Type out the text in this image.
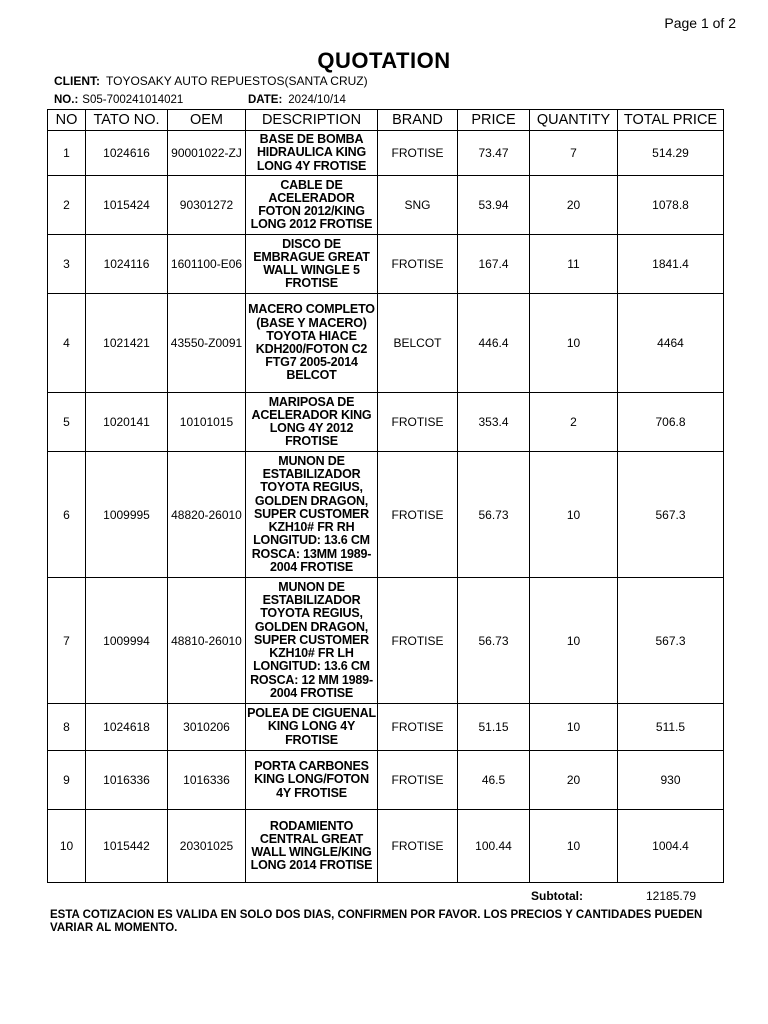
Page 1 of 2
QUOTATION
CLIENT: TOYOSAKY AUTO REPUESTOS(SANTA CRUZ)
NO.: S05-700241014021	DATE: 2024/10/14
NO	TATO NO.	OEM	DESCRIPTION	BRAND	PRICE	QUANTITY	TOTAL PRICE
1	1024616	90001022-ZJ	BASE DE BOMBA HIDRAULICA KING LONG 4Y FROTISE	FROTISE	73.47	7	514.29
2	1015424	90301272	CABLE DE ACELERADOR FOTON 2012/KING LONG 2012 FROTISE	SNG	53.94	20	1078.8
3	1024116	1601100-E06	DISCO DE EMBRAGUE GREAT WALL WINGLE 5 FROTISE	FROTISE	167.4	11	1841.4
4	1021421	43550-Z0091	MACERO COMPLETO (BASE Y MACERO) TOYOTA HIACE KDH200/FOTON C2 FTG7 2005-2014 BELCOT	BELCOT	446.4	10	4464
5	1020141	10101015	MARIPOSA DE ACELERADOR KING LONG 4Y 2012 FROTISE	FROTISE	353.4	2	706.8
6	1009995	48820-26010	MUNON DE ESTABILIZADOR TOYOTA REGIUS, GOLDEN DRAGON, SUPER CUSTOMER KZH10# FR RH LONGITUD: 13.6 CM ROSCA: 13MM 1989-2004 FROTISE	FROTISE	56.73	10	567.3
7	1009994	48810-26010	MUNON DE ESTABILIZADOR TOYOTA REGIUS, GOLDEN DRAGON, SUPER CUSTOMER KZH10# FR LH LONGITUD: 13.6 CM ROSCA: 12 MM 1989-2004 FROTISE	FROTISE	56.73	10	567.3
8	1024618	3010206	POLEA DE CIGUENAL KING LONG 4Y FROTISE	FROTISE	51.15	10	511.5
9	1016336	1016336	PORTA CARBONES KING LONG/FOTON 4Y FROTISE	FROTISE	46.5	20	930
10	1015442	20301025	RODAMIENTO CENTRAL GREAT WALL WINGLE/KING LONG 2014 FROTISE	FROTISE	100.44	10	1004.4
Subtotal:	12185.79
ESTA COTIZACION ES VALIDA EN SOLO DOS DIAS, CONFIRMEN POR FAVOR. LOS PRECIOS Y CANTIDADES PUEDEN VARIAR AL MOMENTO.
